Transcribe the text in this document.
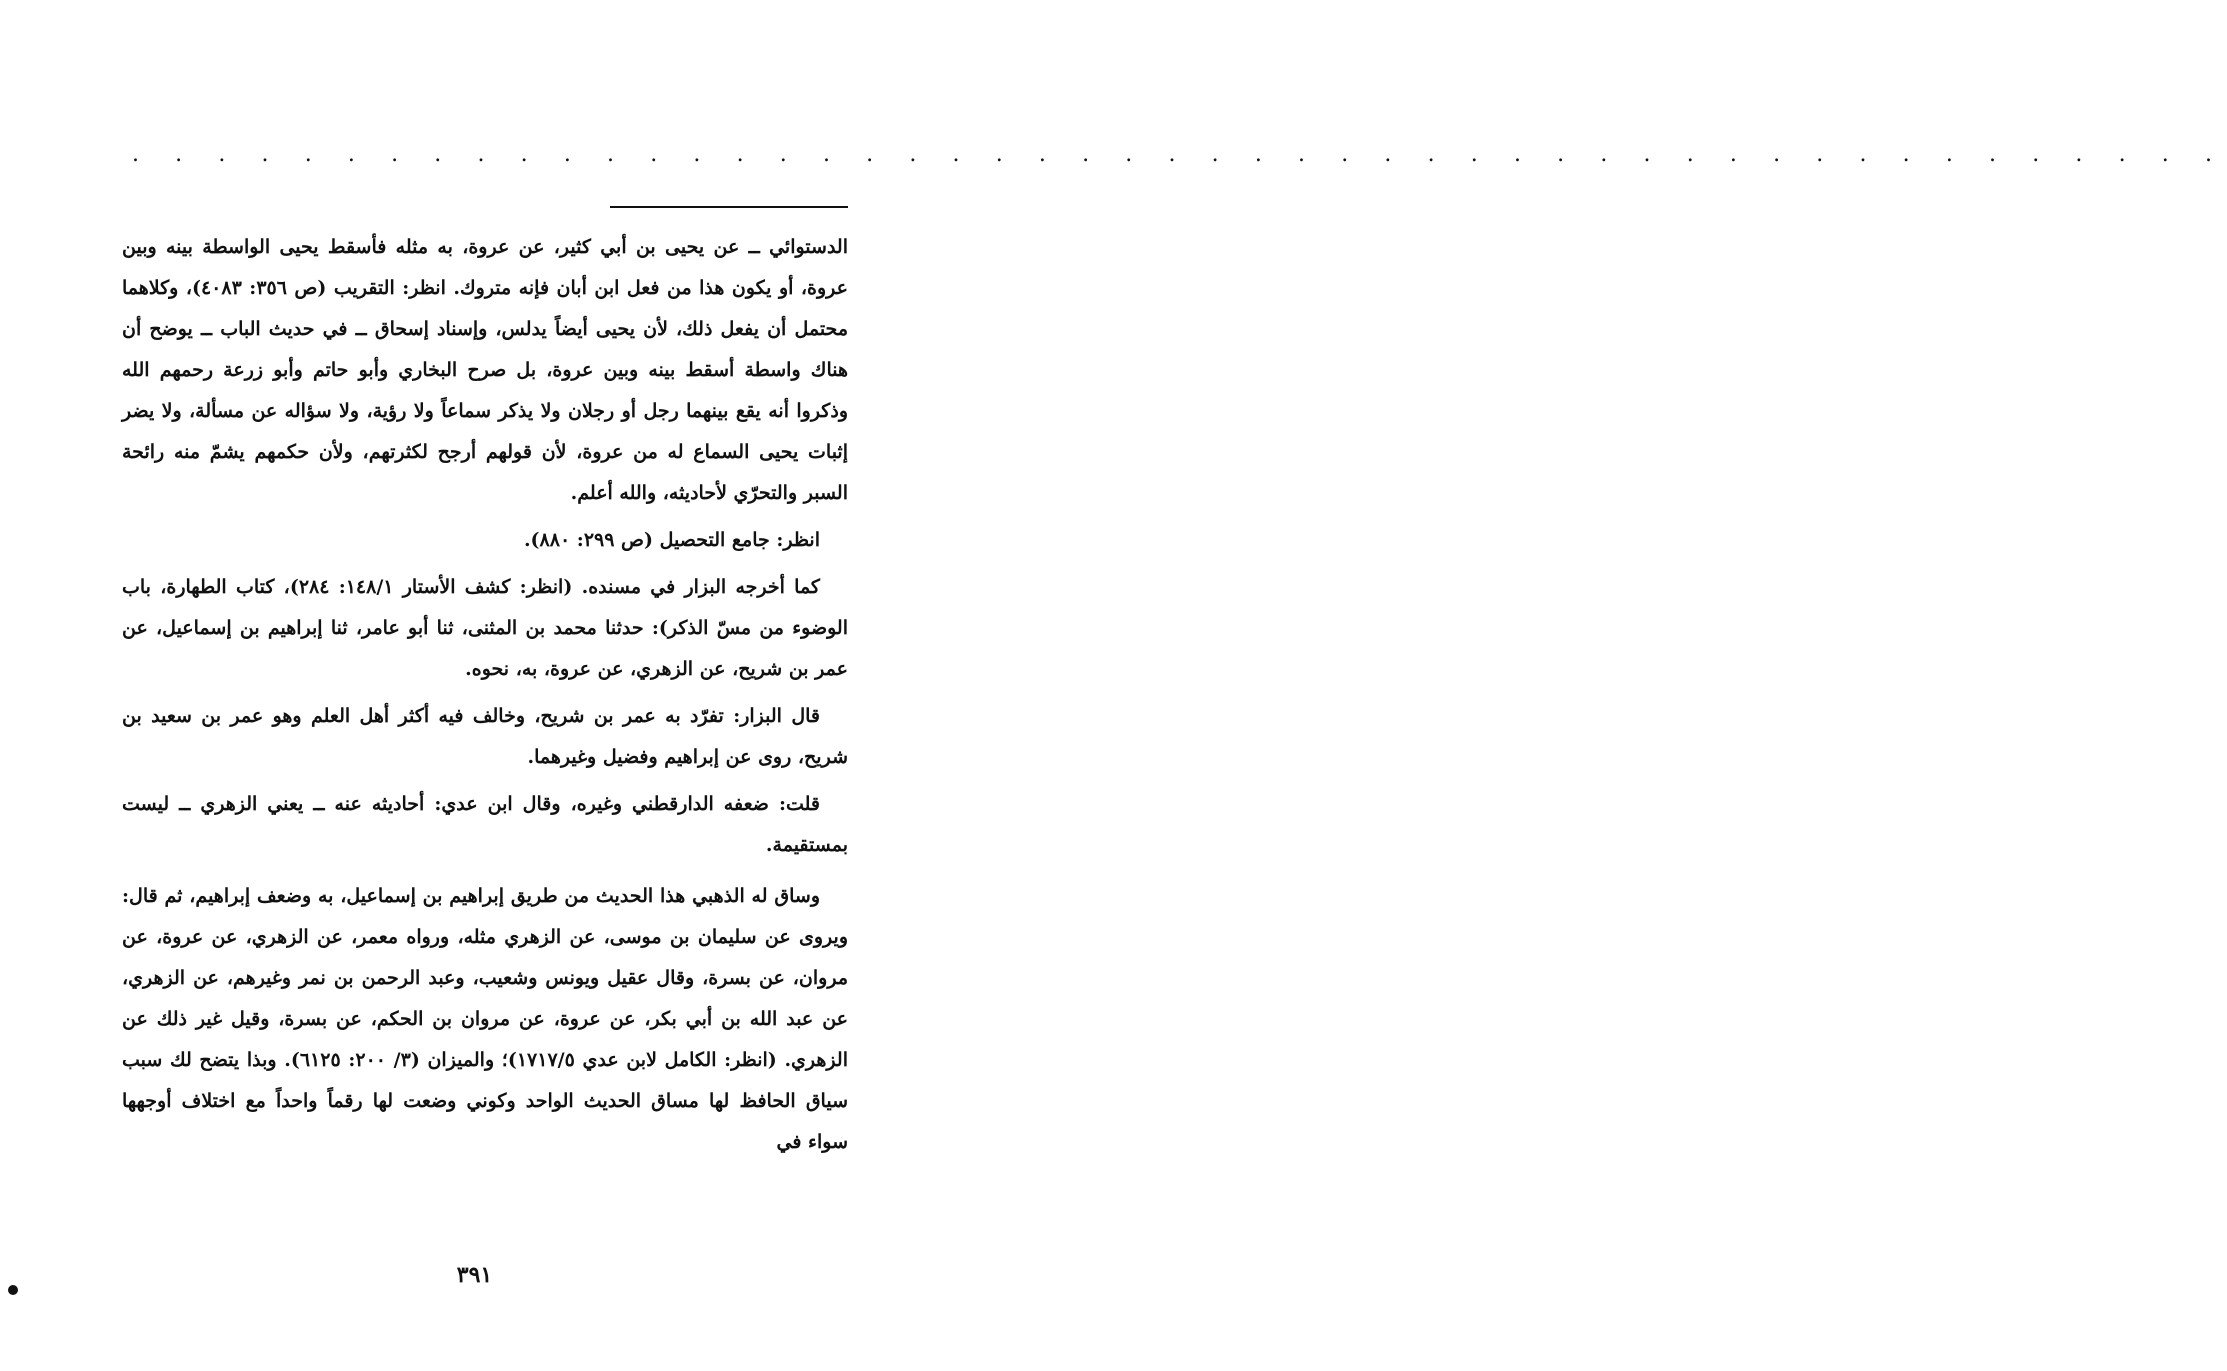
. . . . . . . . . . . . . . . . . . . . . . . . . . . . . . . . . . . . . . . . . . . . . . . . .

الدستوائي ــ عن يحيى بن أبي كثير، عن عروة، به مثله فأسقط يحيى الواسطة بينه وبين عروة، أو يكون هذا من فعل ابن أبان فإنه متروك. انظر: التقريب (ص ٣٥٦: ٤٠٨٣)، وكلاهما محتمل أن يفعل ذلك، لأن يحيى أيضاً يدلس، وإسناد إسحاق ــ في حديث الباب ــ يوضح أن هناك واسطة أسقط بينه وبين عروة، بل صرح البخاري وأبو حاتم وأبو زرعة رحمهم الله وذكروا أنه يقع بينهما رجل أو رجلان ولا يذكر سماعاً ولا رؤية، ولا سؤاله عن مسألة، ولا يضر إثبات يحيى السماع له من عروة، لأن قولهم أرجح لكثرتهم، ولأن حكمهم يشمّ منه رائحة السبر والتحرّي لأحاديثه، والله أعلم.

انظر: جامع التحصيل (ص ٢٩٩: ٨٨٠).

كما أخرجه البزار في مسنده. (انظر: كشف الأستار ١٤٨/١: ٢٨٤)، كتاب الطهارة، باب الوضوء من مسّ الذكر): حدثنا محمد بن المثنى، ثنا أبو عامر، ثنا إبراهيم بن إسماعيل، عن عمر بن شريح، عن الزهري، عن عروة، به، نحوه.

قال البزار: تفرّد به عمر بن شريح، وخالف فيه أكثر أهل العلم وهو عمر بن سعيد بن شريح، روى عن إبراهيم وفضيل وغيرهما.

قلت: ضعفه الدارقطني وغيره، وقال ابن عدي: أحاديثه عنه ــ يعني الزهري ــ ليست بمستقيمة.

وساق له الذهبي هذا الحديث من طريق إبراهيم بن إسماعيل، به وضعف إبراهيم، ثم قال: ويروى عن سليمان بن موسى، عن الزهري مثله، ورواه معمر، عن الزهري، عن عروة، عن مروان، عن بسرة، وقال عقيل ويونس وشعيب، وعبد الرحمن بن نمر وغيرهم، عن الزهري، عن عبد الله بن أبي بكر، عن عروة، عن مروان بن الحكم، عن بسرة، وقيل غير ذلك عن الزهري. (انظر: الكامل لابن عدي ١٧١٧/٥)؛ والميزان (٣/ ٢٠٠: ٦١٢٥). وبذا يتضح لك سبب سياق الحافظ لها مساق الحديث الواحد وكوني وضعت لها رقماً واحداً مع اختلاف أوجهها سواء في

٣٩١
